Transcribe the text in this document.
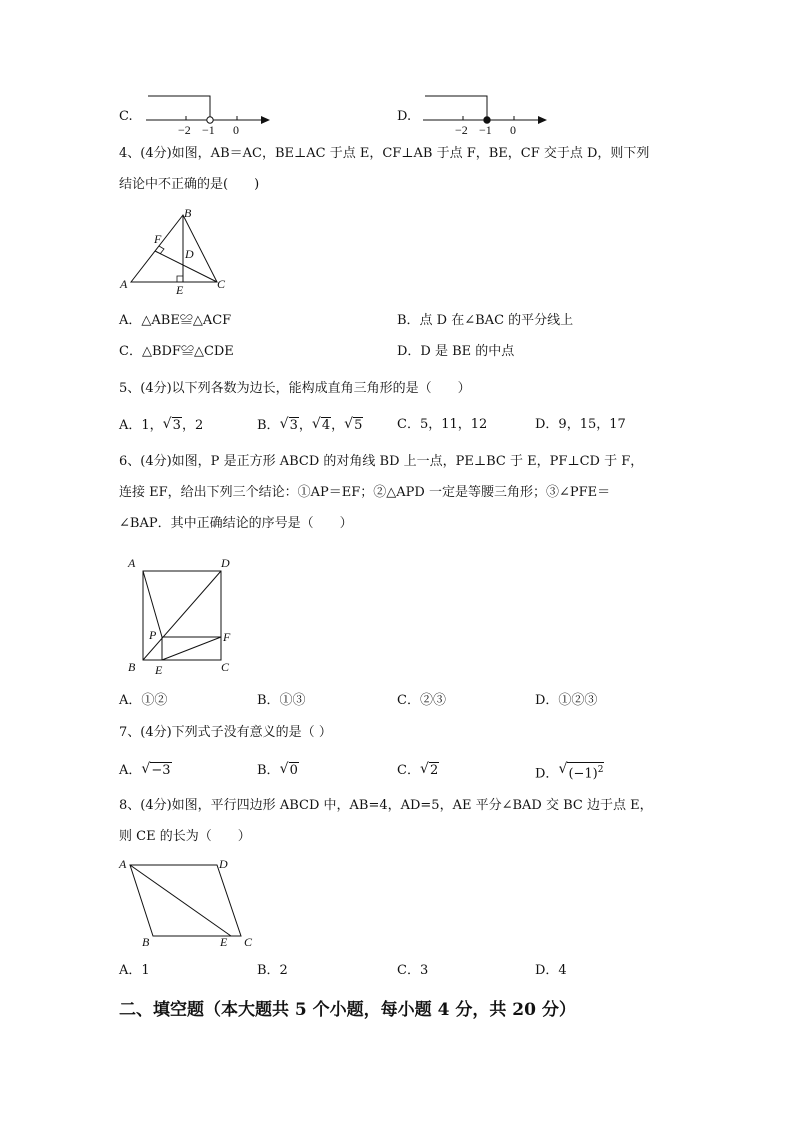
C.
−2 −1 0
D.
−2 −1 0
4、(4分)如图，AB＝AC，BE⊥AC 于点 E，CF⊥AB 于点 F，BE，CF 交于点 D，则下列
结论中不正确的是(　　)
B
F
D
A	E	C
A．△ABE≌△ACF	B．点 D 在∠BAC 的平分线上
C．△BDF≌△CDE	D．D 是 BE 的中点
5、(4分)以下列各数为边长，能构成直角三角形的是（　　）
A．1， √ 3，2	B． √ 3， √ 4， √ 5	C．5，11，12	D．9，15，17
6、(4分)如图，P 是正方形 ABCD 的对角线 BD 上一点，PE⊥BC 于 E，PF⊥CD 于 F，
连接 EF，给出下列三个结论：①AP＝EF；②△APD 一定是等腰三角形；③∠PFE＝
∠BAP．其中正确结论的序号是（　　）
A	D
P	F
B E	C
A．①②	B．①③	C．②③	D．①②③
7、(4分)下列式子没有意义的是（ ）
A． √ −3	B． √ 0	C． √ 2	D． √ $(-1)^2$
8、(4分)如图，平行四边形 ABCD 中，AB=4，AD=5，AE 平分∠BAD 交 BC 边于点 E，
则 CE 的长为（　　）
A	D
B	E C
A．1	B．2	C．3	D．4
二、填空题（本大题共 5 个小题，每小题 4 分，共 20 分）
